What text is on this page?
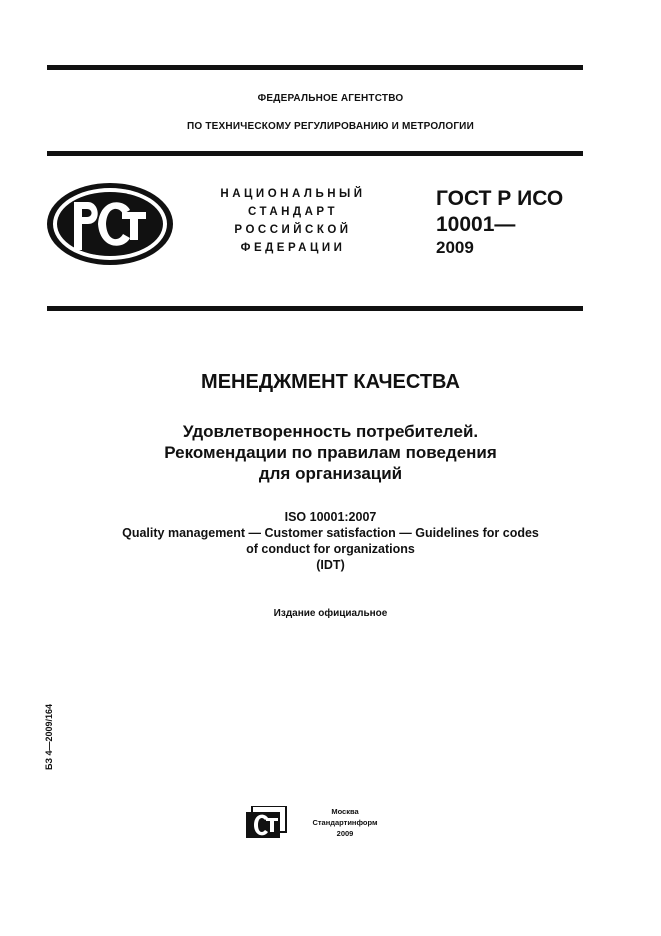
ФЕДЕРАЛЬНОЕ АГЕНТСТВО
ПО ТЕХНИЧЕСКОМУ РЕГУЛИРОВАНИЮ И МЕТРОЛОГИИ
НАЦИОНАЛЬНЫЙ
СТАНДАРТ
РОССИЙСКОЙ
ФЕДЕРАЦИИ
ГОСТ Р ИСО
10001—
2009
МЕНЕДЖМЕНТ КАЧЕСТВА
Удовлетворенность потребителей.
Рекомендации по правилам поведения
для организаций
ISO 10001:2007
Quality management — Customer satisfaction — Guidelines for codes
of conduct for organizations
(IDT)
Издание официальное
БЗ 4—2009/164
Москва
Стандартинформ
2009
